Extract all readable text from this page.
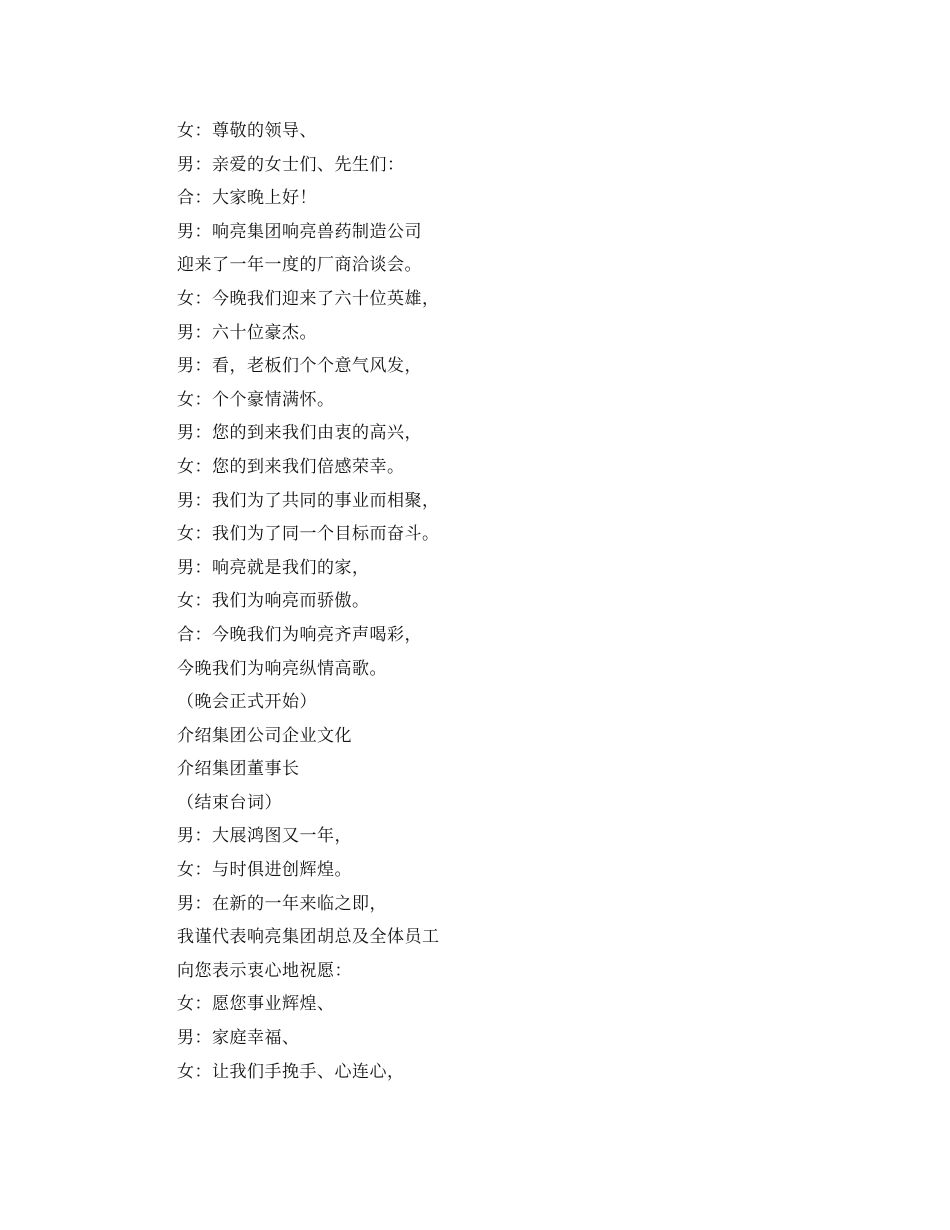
女：尊敬的领导、
男：亲爱的女士们、先生们：
合：大家晚上好！
男：响亮集团响亮兽药制造公司
迎来了一年一度的厂商洽谈会。
女：今晚我们迎来了六十位英雄，
男：六十位豪杰。
男：看，老板们个个意气风发，
女：个个豪情满怀。
男：您的到来我们由衷的高兴，
女：您的到来我们倍感荣幸。
男：我们为了共同的事业而相聚，
女：我们为了同一个目标而奋斗。
男：响亮就是我们的家，
女：我们为响亮而骄傲。
合：今晚我们为响亮齐声喝彩，
今晚我们为响亮纵情高歌。
（晚会正式开始）
介绍集团公司企业文化
介绍集团董事长
（结束台词）
男：大展鸿图又一年，
女：与时俱进创辉煌。
男：在新的一年来临之即，
我谨代表响亮集团胡总及全体员工
向您表示衷心地祝愿：
女：愿您事业辉煌、
男：家庭幸福、
女：让我们手挽手、心连心，
